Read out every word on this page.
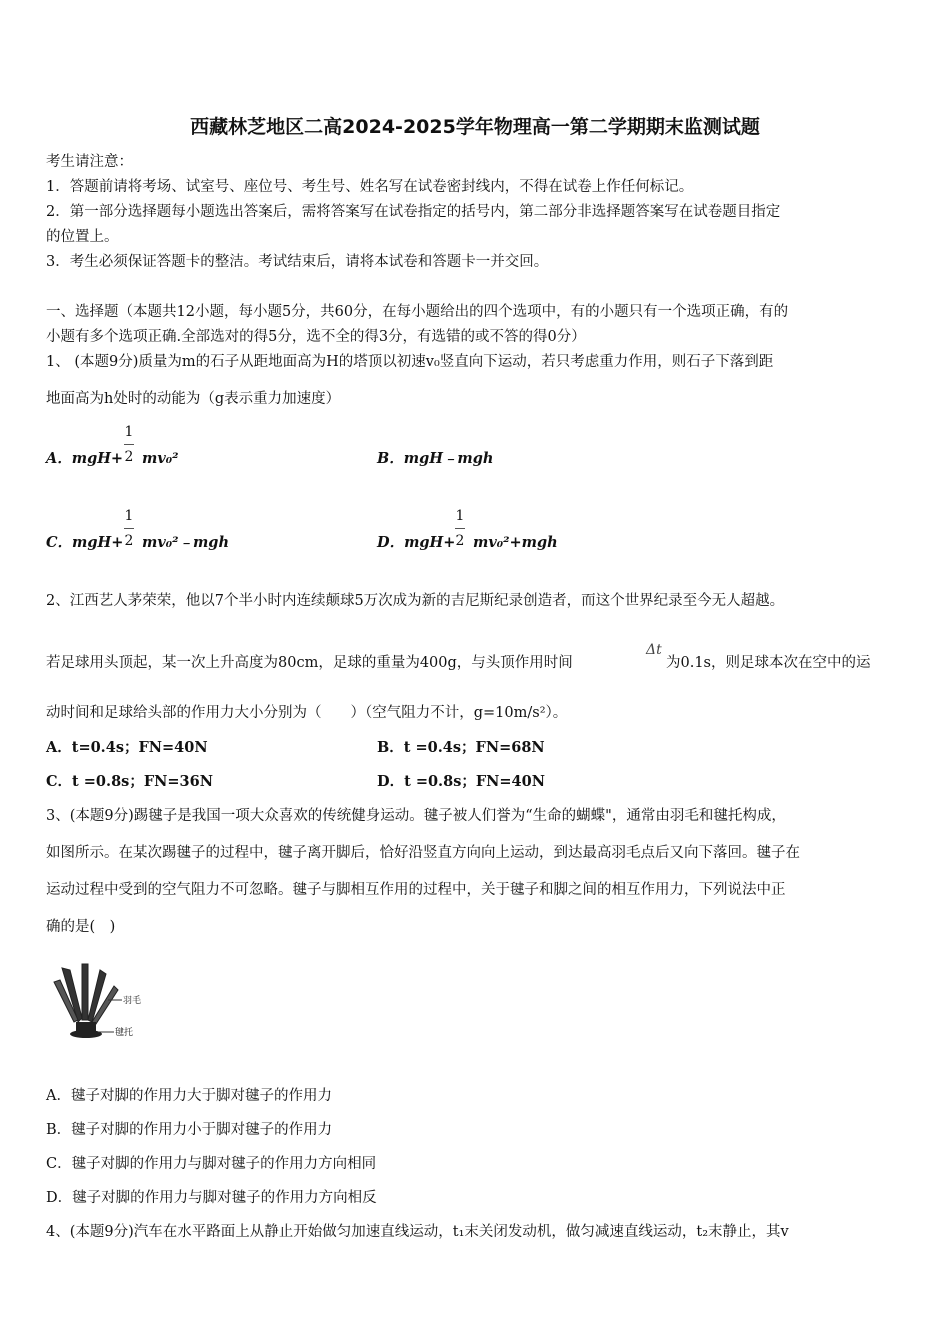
西藏林芝地区二高2024-2025学年物理高一第二学期期末监测试题
考生请注意：
1．答题前请将考场、试室号、座位号、考生号、姓名写在试卷密封线内，不得在试卷上作任何标记。
2．第一部分选择题每小题选出答案后，需将答案写在试卷指定的括号内，第二部分非选择题答案写在试卷题目指定
的位置上。
3．考生必须保证答题卡的整洁。考试结束后，请将本试卷和答题卡一并交回。
一、选择题（本题共12小题，每小题5分，共60分，在每小题给出的四个选项中，有的小题只有一个选项正确，有的
小题有多个选项正确.全部选对的得5分，选不全的得3分，有选错的或不答的得0分）
1、 (本题9分)质量为m的石子从距地面高为H的塔顶以初速v₀竖直向下运动，若只考虑重力作用，则石子下落到距
地面高为h处时的动能为（g表示重力加速度）
A．mgH+
1
2 mv₀²	B．mgH﹣mgh
C．mgH+
1
2 mv₀²﹣mgh	D．mgH+
1
2 mv₀²+mgh
2、江西艺人茅荣荣，他以7个半小时内连续颠球5万次成为新的吉尼斯纪录创造者，而这个世界纪录至今无人超越。
若足球用头顶起，某一次上升高度为80cm，足球的重量为400g，与头顶作用时间
Δt
为0.1s，则足球本次在空中的运
动时间和足球给头部的作用力大小分别为（　　）（空气阻力不计，g=10m/s²）。
A．t=0.4s；FN=40N	B．t =0.4s；FN=68N
C．t =0.8s；FN=36N	D．t =0.8s；FN=40N
3、(本题9分)踢毽子是我国一项大众喜欢的传统健身运动。毽子被人们誉为“生命的蝴蝶"，通常由羽毛和毽托构成，
如图所示。在某次踢毽子的过程中，毽子离开脚后，恰好沿竖直方向向上运动，到达最高羽毛点后又向下落回。毽子在
运动过程中受到的空气阻力不可忽略。毽子与脚相互作用的过程中，关于毽子和脚之间的相互作用力，下列说法中正
确的是(　)
羽毛
毽托
A．毽子对脚的作用力大于脚对毽子的作用力
B．毽子对脚的作用力小于脚对毽子的作用力
C．毽子对脚的作用力与脚对毽子的作用力方向相同
D．毽子对脚的作用力与脚对毽子的作用力方向相反
4、(本题9分)汽车在水平路面上从静止开始做匀加速直线运动，t₁末关闭发动机，做匀减速直线运动，t₂末静止，其v
